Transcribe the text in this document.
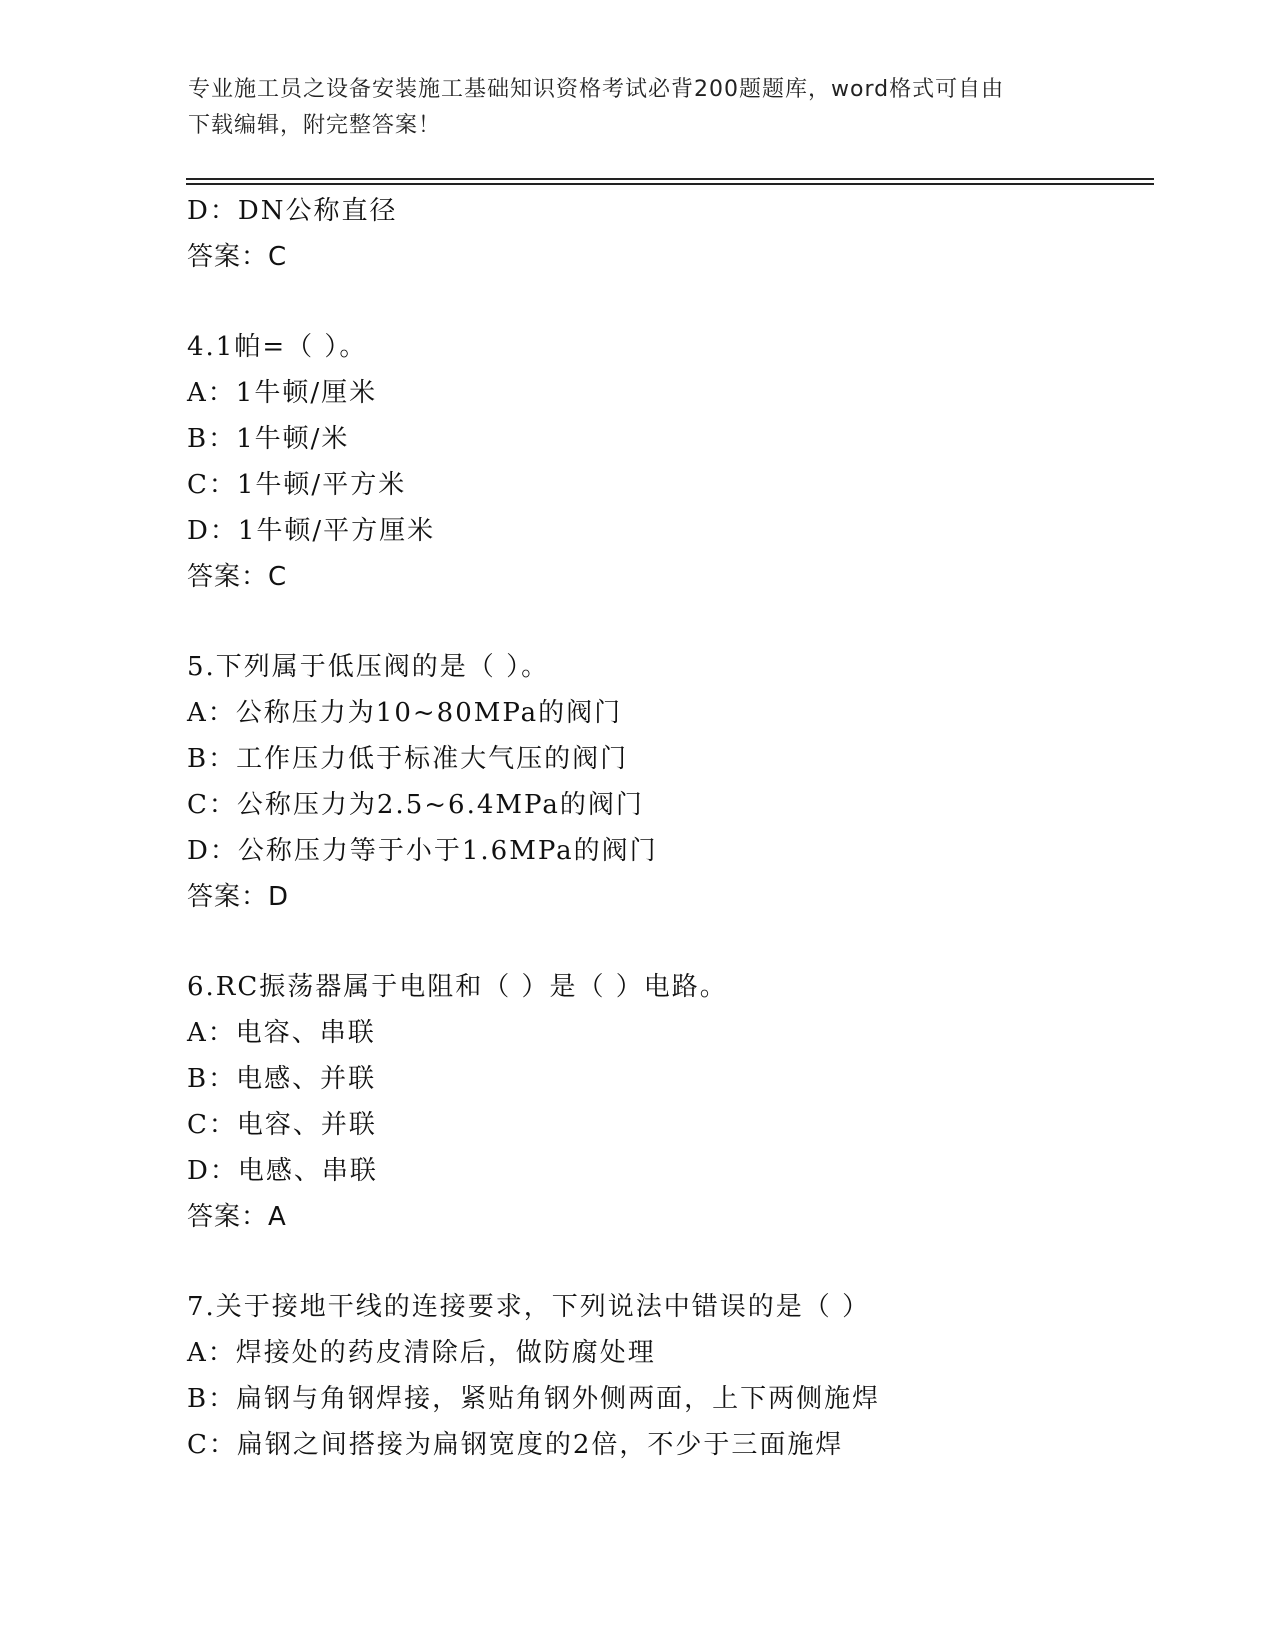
专业施工员之设备安装施工基础知识资格考试必背200题题库，word格式可自由
下载编辑，附完整答案！
D：DN公称直径
答案：C
4.1帕=（ ）。
A：1牛顿/厘米
B：1牛顿/米
C：1牛顿/平方米
D：1牛顿/平方厘米
答案：C
5.下列属于低压阀的是（ ）。
A：公称压力为10~80MPa的阀门
B：工作压力低于标准大气压的阀门
C：公称压力为2.5~6.4MPa的阀门
D：公称压力等于小于1.6MPa的阀门
答案：D
6.RC振荡器属于电阻和（ ）是（ ）电路。
A：电容、串联
B：电感、并联
C：电容、并联
D：电感、串联
答案：A
7.关于接地干线的连接要求，下列说法中错误的是（ ）
A：焊接处的药皮清除后，做防腐处理
B：扁钢与角钢焊接，紧贴角钢外侧两面，上下两侧施焊
C：扁钢之间搭接为扁钢宽度的2倍，不少于三面施焊
